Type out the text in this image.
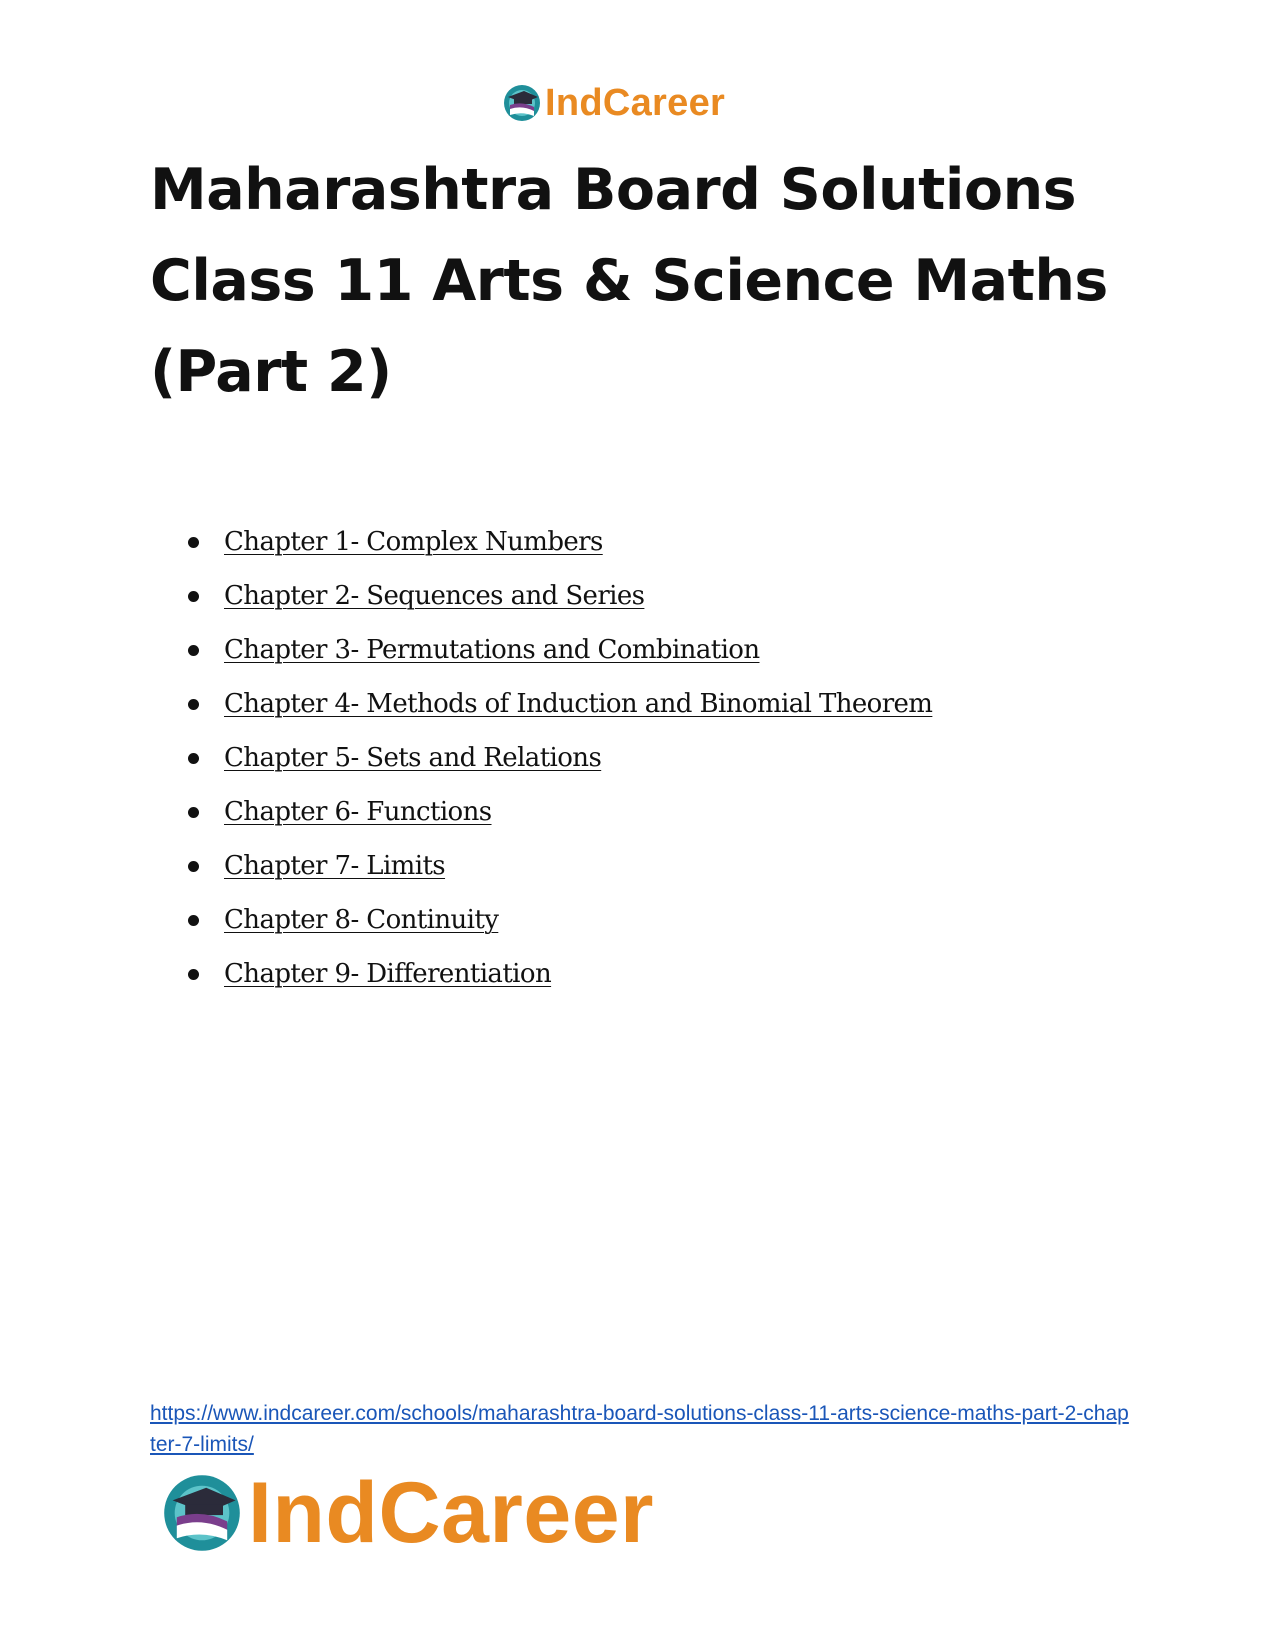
IndCareer
Maharashtra Board Solutions Class 11 Arts & Science Maths (Part 2)
Chapter 1- Complex Numbers
Chapter 2- Sequences and Series
Chapter 3- Permutations and Combination
Chapter 4- Methods of Induction and Binomial Theorem
Chapter 5- Sets and Relations
Chapter 6- Functions
Chapter 7- Limits
Chapter 8- Continuity
Chapter 9- Differentiation
https://www.indcareer.com/schools/maharashtra-board-solutions-class-11-arts-science-maths-part-2-chapter-7-limits/
IndCareer
